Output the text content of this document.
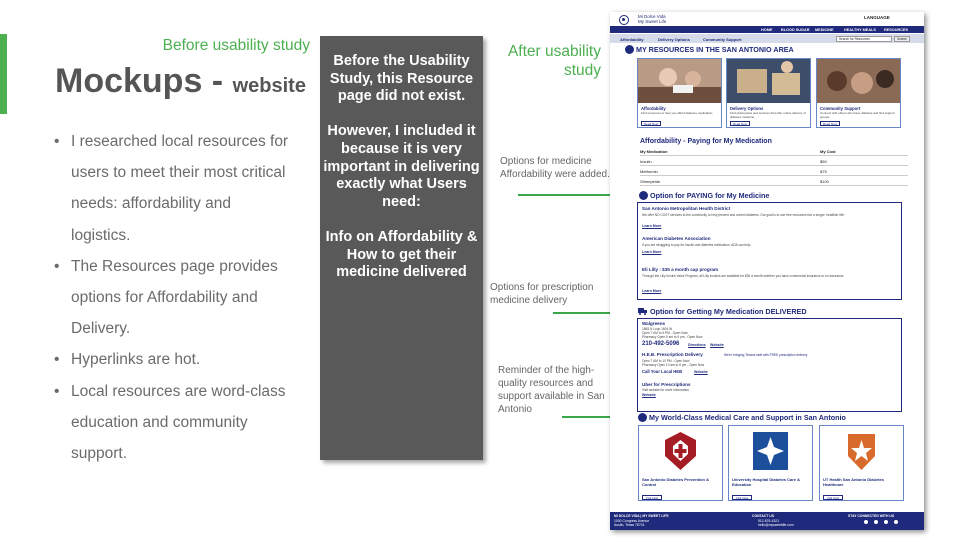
Mockups - website
• I researched local resources for users to meet their most critical needs: affordability and logistics.
• The Resources page provides options for Affordability and Delivery.
• Hyperlinks are hot.
• Local resources are word-class education and community support.
Before usability study

Before the Usability Study, this Resource page did not exist.

However, I included it because it is very important in delivering exactly what Users need:

Info on Affordability & How to get their medicine delivered

After usability study
Options for medicine Affordability were added.
Options for prescription medicine delivery
Reminder of the high-quality resources and support available in San Antonio
Mi Dolce Vida
My Sweet Life
LANGUAGE
HOME BLOOD SUGAR MEDICINE	HEALTHY MEALS RESOURCES
Affordability	Delivery Options	Community Support	Search for Resources	Search
MY RESOURCES IN THE SAN ANTONIO AREA
Affordability
Find resources to help you afford diabetes medication.
Read Now
Delivery Options
Find pharmacies and services that offer online delivery of diabetes medicine.
Read Now
Community Support
Connect with others who have diabetes and find support groups.
Read Now
Affordability - Paying for My Medication
My Medication	My Cost
Insulin	$50
Metformin	$75
Glimepiride	$100
Option for PAYING for My Medicine
San Antonio Metropolitan Health District
We offer NO COST services to the community to help prevent and control diabetes. Our goal is to use free resources live a longer, healthier life!
Learn More
American Diabetes Association
If you are struggling to pay for insulin and diabetes medication, ADA can help.
Learn More
Eli Lilly : $35 a month cap program
Through the Lilly Insulin Value Program, all Lilly insulins are available for $35 a month whether you have commercial insurance or no insurance.
Learn More
Option for Getting My Medication DELIVERED
Walgreens
1865 N Loop 1604 W
Open 7 AM to 9 PM - Open Now
Pharmacy Open 9 am to 9 pm - Open Now
210-492-5096 Directions Website
H.E.B. Prescription Delivery	We're bringing Texans safe with FREE prescription delivery
Open 7 AM to 10 PM - Open Now
Pharmacy Open 10 am to 6 pm - Open Now
Call Your Local HEB	Website
Uber for Prescriptions
Visit website for more information
Website
My World-Class Medical Care and Support in San Antonio
San Antonio Diabetes Prevention & Control
Visit Now
University Hospital Diabetes Care & Education
Visit Now
UT Health San Antonio Diabetes Healthcare
Visit Now
MI DOLCE VIDA | MY SWEET LIFE
1000 Congress Avenue
Austin, Texas 78701
CONTACT US
512-876-4321
hello@mysweetlife.com
STAY CONNECTED WITH US
